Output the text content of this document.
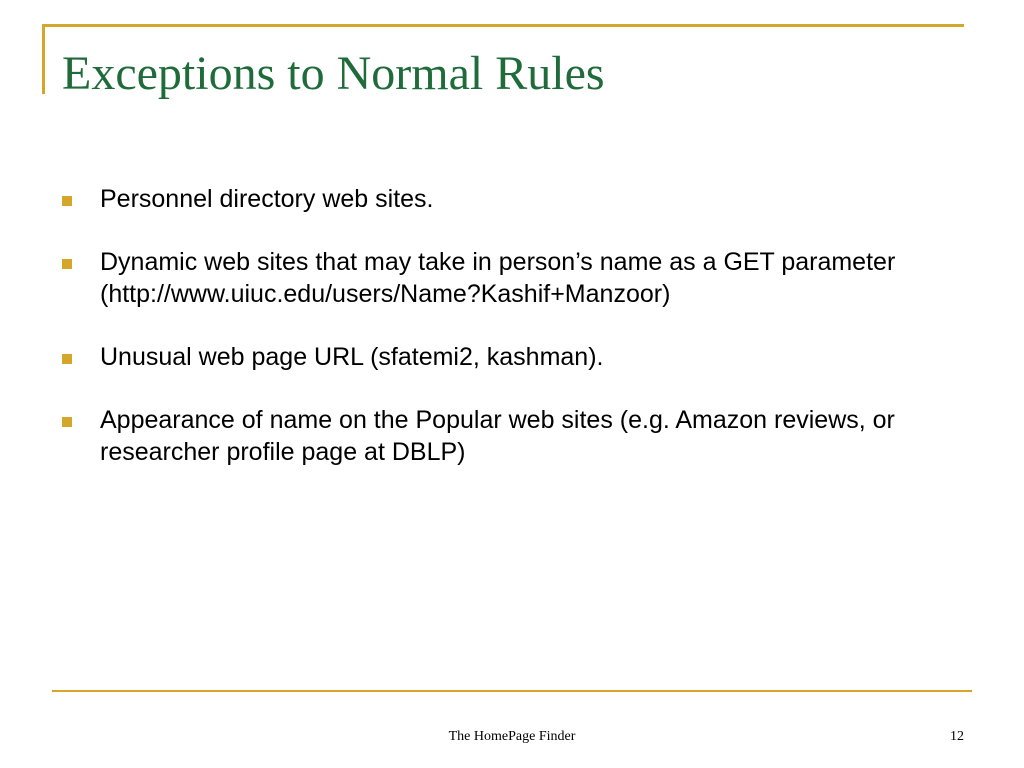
Exceptions to Normal Rules
Personnel directory web sites.
Dynamic web sites that may take in person’s name as a GET parameter (http://www.uiuc.edu/users/Name?Kashif+Manzoor)
Unusual web page URL (sfatemi2, kashman).
Appearance of name on the Popular web sites (e.g. Amazon reviews, or researcher profile page at DBLP)
The HomePage Finder	12
